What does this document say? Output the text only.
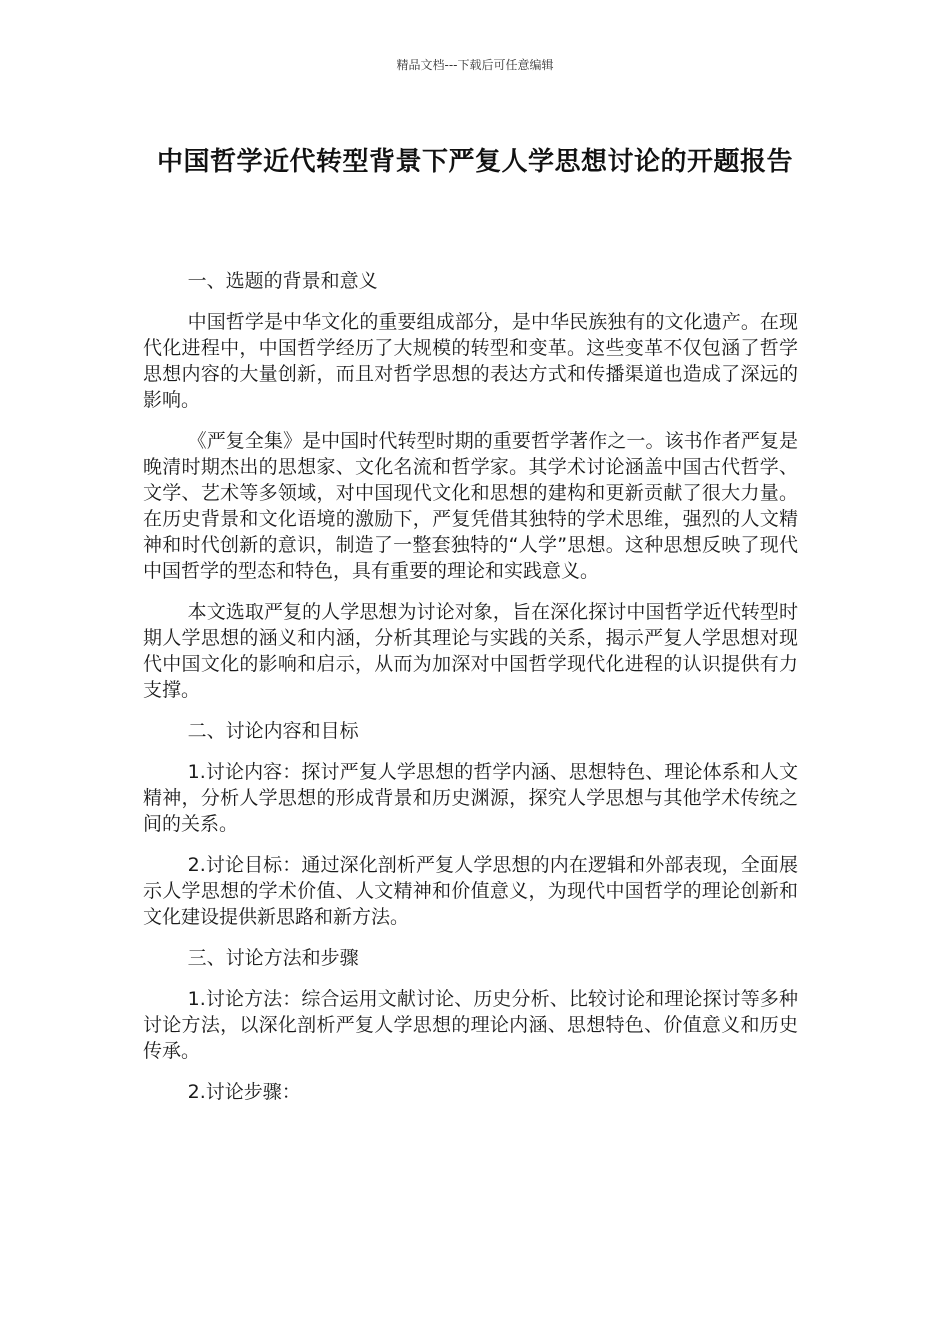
精品文档---下载后可任意编辑
中国哲学近代转型背景下严复人学思想讨论的开题报告

一、选题的背景和意义

中国哲学是中华文化的重要组成部分，是中华民族独有的文化遗产。在现代化进程中，中国哲学经历了大规模的转型和变革。这些变革不仅包涵了哲学思想内容的大量创新，而且对哲学思想的表达方式和传播渠道也造成了深远的影响。

《严复全集》是中国时代转型时期的重要哲学著作之一。该书作者严复是晚清时期杰出的思想家、文化名流和哲学家。其学术讨论涵盖中国古代哲学、文学、艺术等多领域，对中国现代文化和思想的建构和更新贡献了很大力量。在历史背景和文化语境的激励下，严复凭借其独特的学术思维，强烈的人文精神和时代创新的意识，制造了一整套独特的“人学”思想。这种思想反映了现代中国哲学的型态和特色，具有重要的理论和实践意义。

本文选取严复的人学思想为讨论对象，旨在深化探讨中国哲学近代转型时期人学思想的涵义和内涵，分析其理论与实践的关系，揭示严复人学思想对现代中国文化的影响和启示，从而为加深对中国哲学现代化进程的认识提供有力支撑。

二、讨论内容和目标

1.讨论内容：探讨严复人学思想的哲学内涵、思想特色、理论体系和人文精神，分析人学思想的形成背景和历史渊源，探究人学思想与其他学术传统之间的关系。

2.讨论目标：通过深化剖析严复人学思想的内在逻辑和外部表现，全面展示人学思想的学术价值、人文精神和价值意义，为现代中国哲学的理论创新和文化建设提供新思路和新方法。

三、讨论方法和步骤

1.讨论方法：综合运用文献讨论、历史分析、比较讨论和理论探讨等多种讨论方法，以深化剖析严复人学思想的理论内涵、思想特色、价值意义和历史传承。

2.讨论步骤：
